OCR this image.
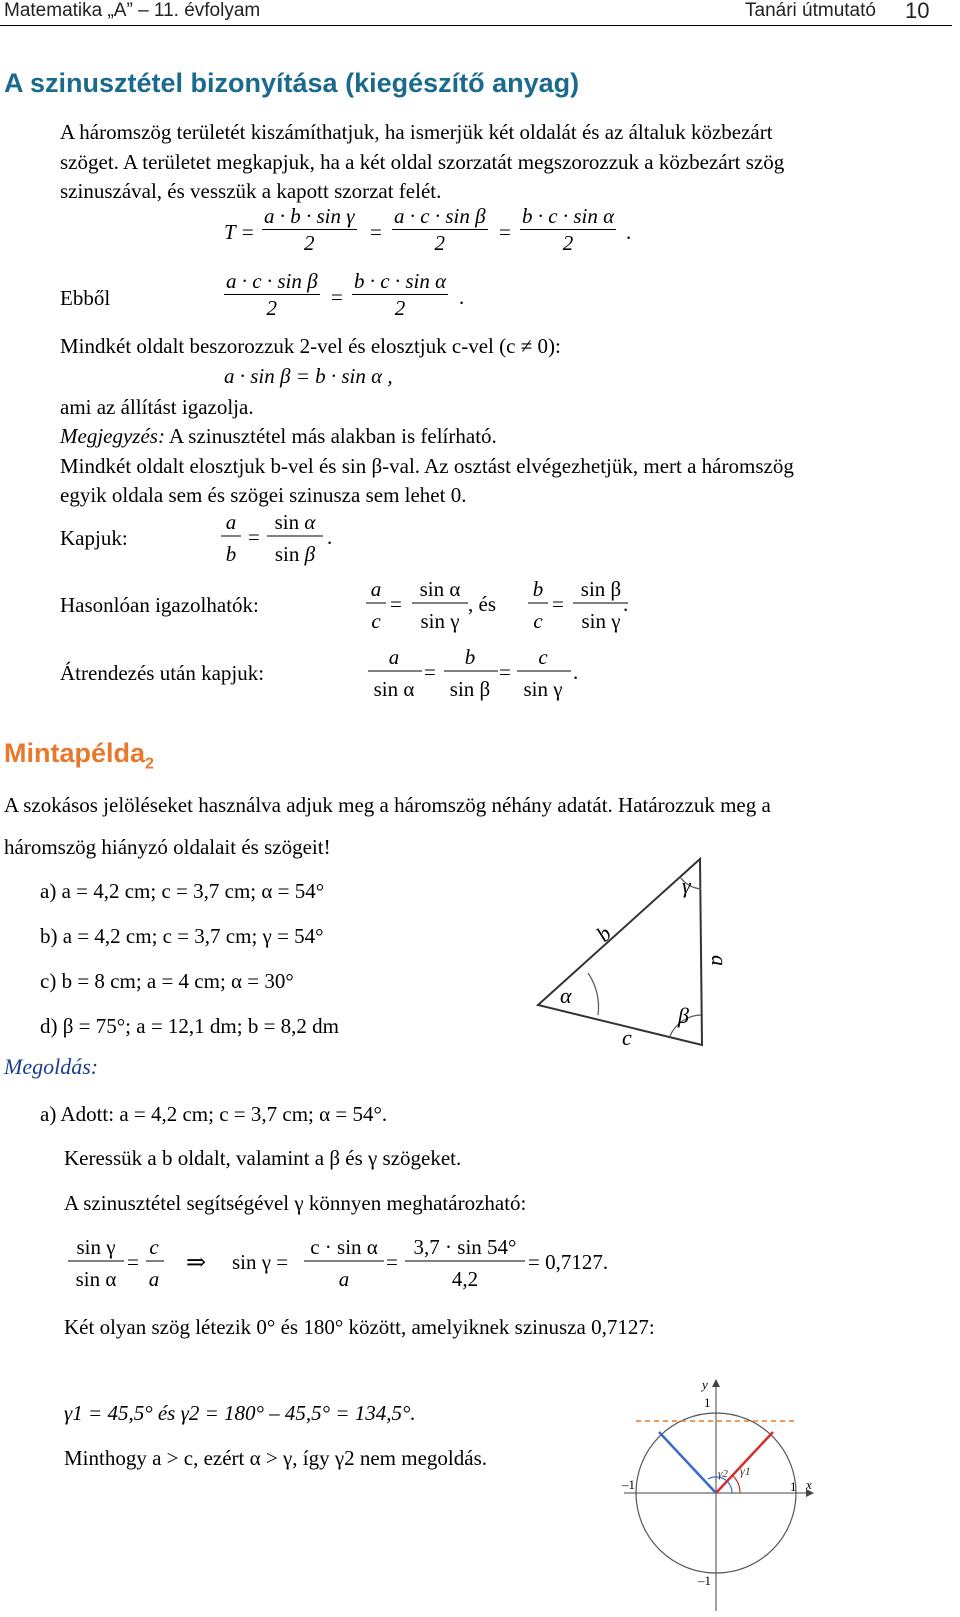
Matematika „A” – 11. évfolyam	Tanári útmutató 10
A szinusztétel bizonyítása (kiegészítő anyag)
A háromszög területét kiszámíthatjuk, ha ismerjük két oldalát és az általuk közbezárt
szöget. A területet megkapjuk, ha a két oldal szorzatát megszorozzuk a közbezárt szög
szinuszával, és vesszük a kapott szorzat felét.
T =
a · b · sin γ
2	=
a · c · sin β
2	=
b · c · sin α
2	.
Ebből
a · c · sin β
2	=
b · c · sin α
2	.
Mindkét oldalt beszorozzuk 2-vel és elosztjuk c-vel (c ≠ 0):
a · sin β = b · sin α ,
ami az állítást igazolja.
Megjegyzés: A szinusztétel más alakban is felírható.
Mindkét oldalt elosztjuk b-vel és sin β-val. Az osztást elvégezhetjük, mert a háromszög
egyik oldala sem és szögei szinusza sem lehet 0.
Kapjuk:
a
b
=
sin α
sin β
.
Hasonlóan igazolhatók:
a
c
=
sin α
sin γ
, és
b
c
=
sin β
sin γ
.
Átrendezés után kapjuk:
a
sin α
=
b
sin β
=
c
sin γ
.
Mintapélda$_2$
A szokásos jelöléseket használva adjuk meg a háromszög néhány adatát. Határozzuk meg a
háromszög hiányzó oldalait és szögeit!
a) a = 4,2 cm; c = 3,7 cm; α = 54°
b) a = 4,2 cm; c = 3,7 cm; γ = 54°
c) b = 8 cm; a = 4 cm; α = 30°
d) β = 75°; a = 12,1 dm; b = 8,2 dm
α
β
γ
b
a
c
Megoldás:
a) Adott: a = 4,2 cm; c = 3,7 cm; α = 54°.
Keressük a b oldalt, valamint a β és γ szögeket.
A szinusztétel segítségével γ könnyen meghatározható:
sin γ
sin α
=
c
a
⇒ sin γ =
c · sin α
a
=
3,7 · sin 54°
4,2
= 0,7127.
Két olyan szög létezik 0° és 180° között, amelyiknek szinusza 0,7127:
γ1 = 45,5° és γ2 = 180° – 45,5° = 134,5°.
Minthogy a > c, ezért α > γ, így γ2 nem megoldás.
y
1
x
1
–1
–1
γ1
γ2
